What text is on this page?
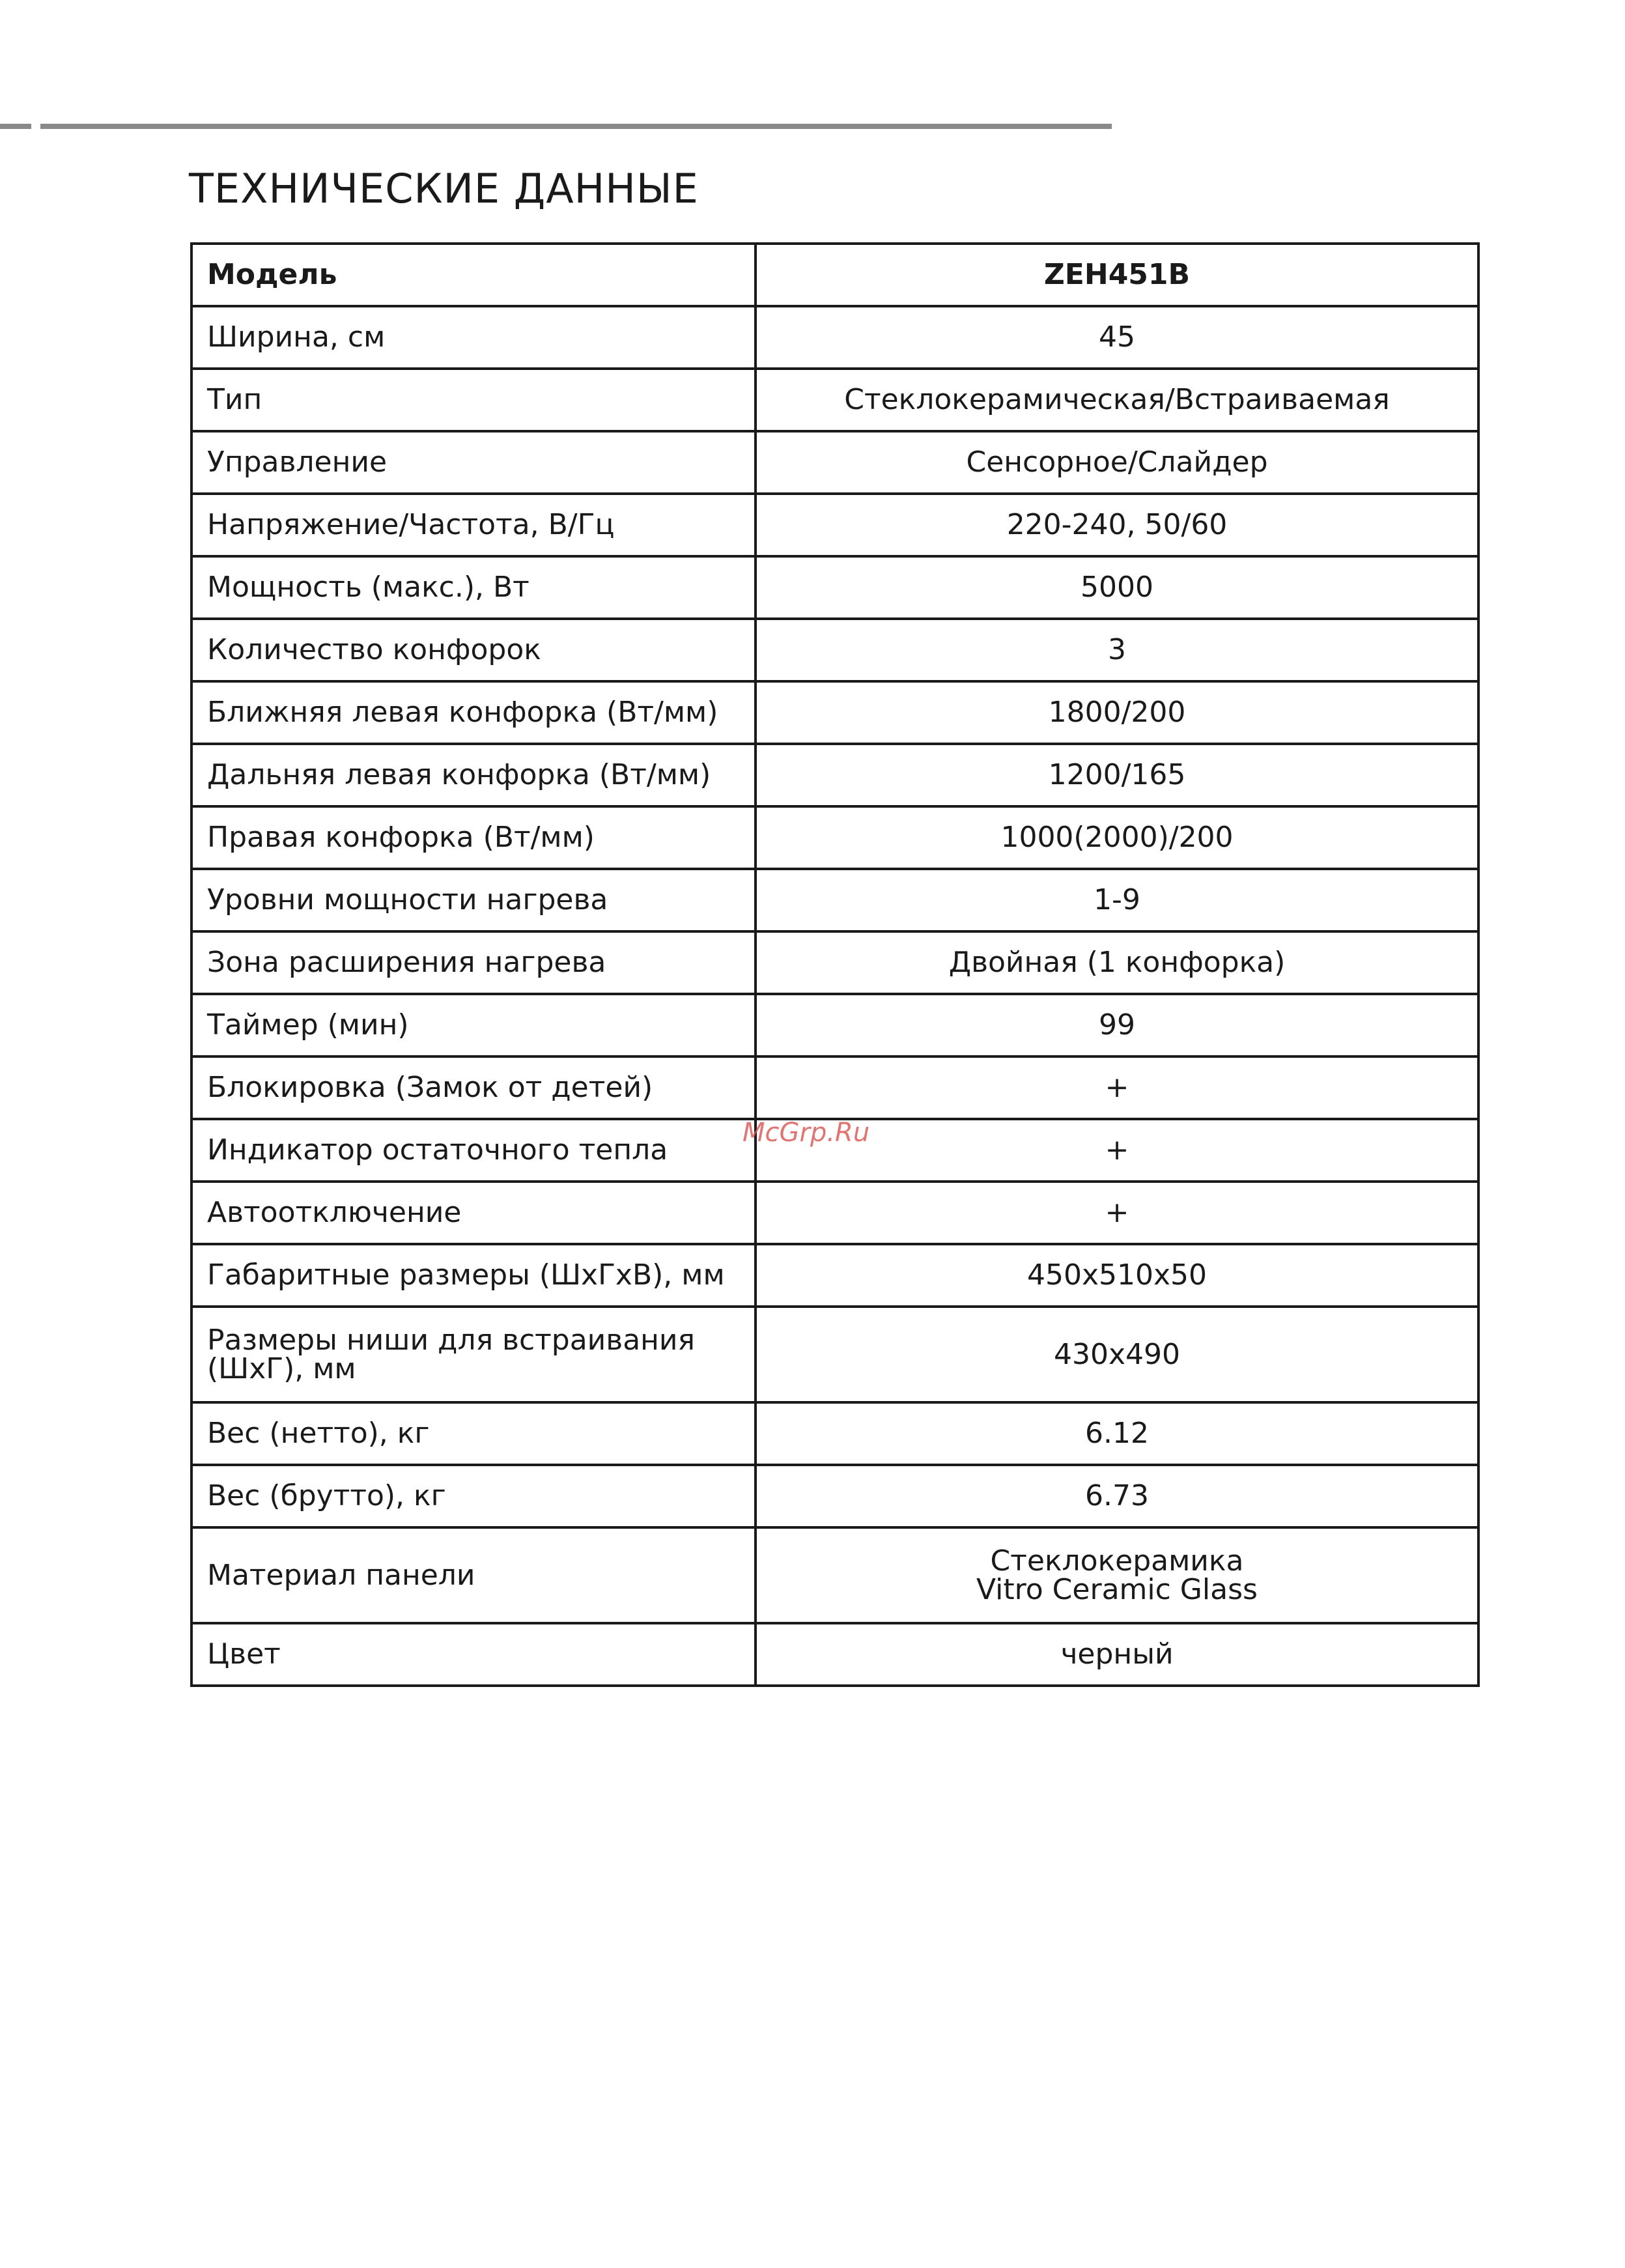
ТЕХНИЧЕСКИЕ ДАННЫЕ
Модель	ZEH451B
Ширина, см	45
Тип	Стеклокерамическая/Встраиваемая
Управление	Сенсорное/Слайдер
Напряжение/Частота, В/Гц	220-240, 50/60
Мощность (макс.), Вт	5000
Количество конфорок	3
Ближняя левая конфорка (Вт/мм)	1800/200
Дальняя левая конфорка (Вт/мм)	1200/165
Правая конфорка (Вт/мм)	1000(2000)/200
Уровни мощности нагрева	1-9
Зона расширения нагрева	Двойная (1 конфорка)
Таймер (мин)	99
Блокировка (Замок от детей)	+
Индикатор остаточного тепла	+
Автоотключение	+
Габаритные размеры (ШхГхВ), мм	450x510x50

Размеры ниши для встраивания
(ШхГ), мм	430x490
Вес (нетто), кг	6.12
Вес (брутто), кг	6.73
Материал панели	Стеклокерамика
Vitro Ceramic Glass

Цвет	черный
McGrp.Ru
